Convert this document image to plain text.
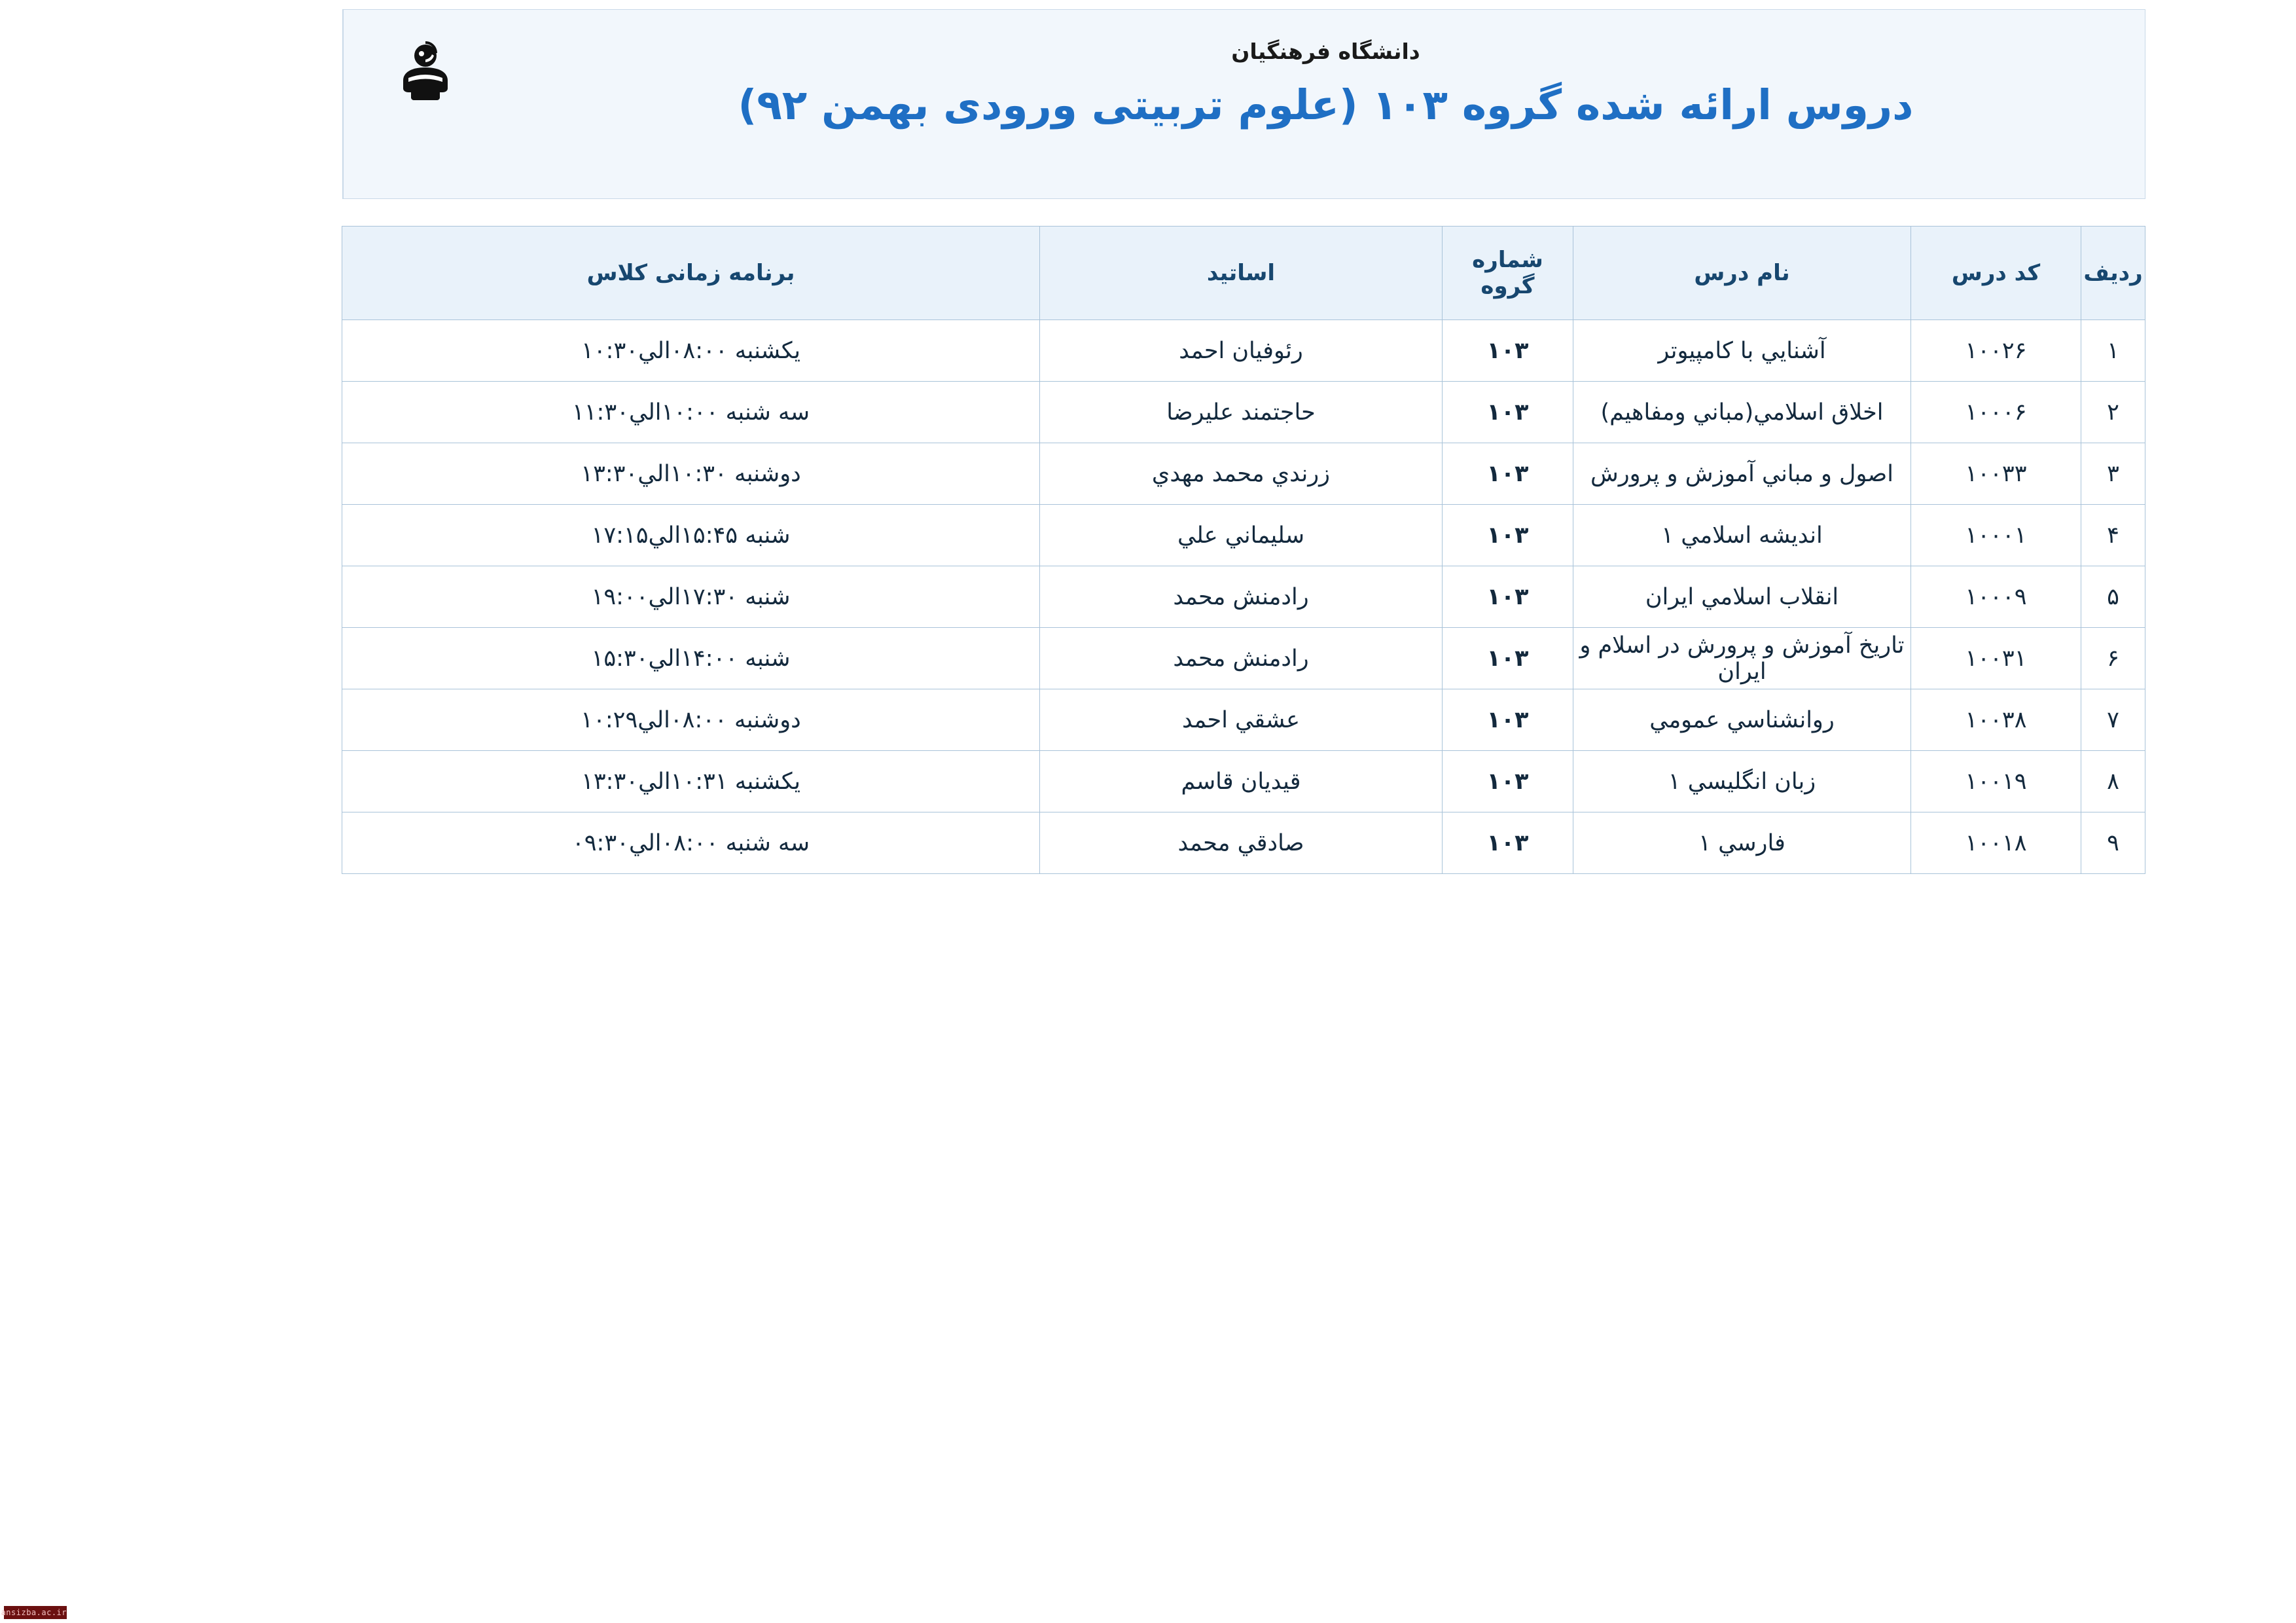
دانشگاه فرهنگیان
دروس ارائه شده گروه ۱۰۳ (علوم تربیتی ورودی بهمن ۹۲)
ردیف	کد درس	نام درس	شماره گروه	اساتید	برنامه زمانی کلاس
۱	۱۰۰۲۶	آشنايي با كامپيوتر	۱۰۳	رئوفیان احمد	یکشنبه ۰۸:۰۰الي۱۰:۳۰
۲	۱۰۰۰۶	اخلاق اسلامي(مباني ومفاهيم)	۱۰۳	حاجتمند علیرضا	سه شنبه ۱۰:۰۰الي۱۱:۳۰
۳	۱۰۰۳۳	اصول و مباني آموزش و پرورش	۱۰۳	زرندي محمد مهدي	دوشنبه ۱۰:۳۰الي۱۳:۳۰
۴	۱۰۰۰۱	اندیشه اسلامي ۱	۱۰۳	سلیماني علي	شنبه ۱۵:۴۵الي۱۷:۱۵
۵	۱۰۰۰۹	انقلاب اسلامي ایران	۱۰۳	رادمنش محمد	شنبه ۱۷:۳۰الي۱۹:۰۰
۶	۱۰۰۳۱	تاریخ آموزش و پرورش در اسلام و ایران	۱۰۳	رادمنش محمد	شنبه ۱۴:۰۰الي۱۵:۳۰
۷	۱۰۰۳۸	روانشناسي عمومي	۱۰۳	عشقي احمد	دوشنبه ۰۸:۰۰الي۱۰:۲۹
۸	۱۰۰۱۹	زبان انگلیسي ۱	۱۰۳	قیدیان قاسم	یکشنبه ۱۰:۳۱الي۱۳:۳۰
۹	۱۰۰۱۸	فارسي ۱	۱۰۳	صادقي محمد	سه شنبه ۰۸:۰۰الي۰۹:۳۰
ansizba.ac.ir
